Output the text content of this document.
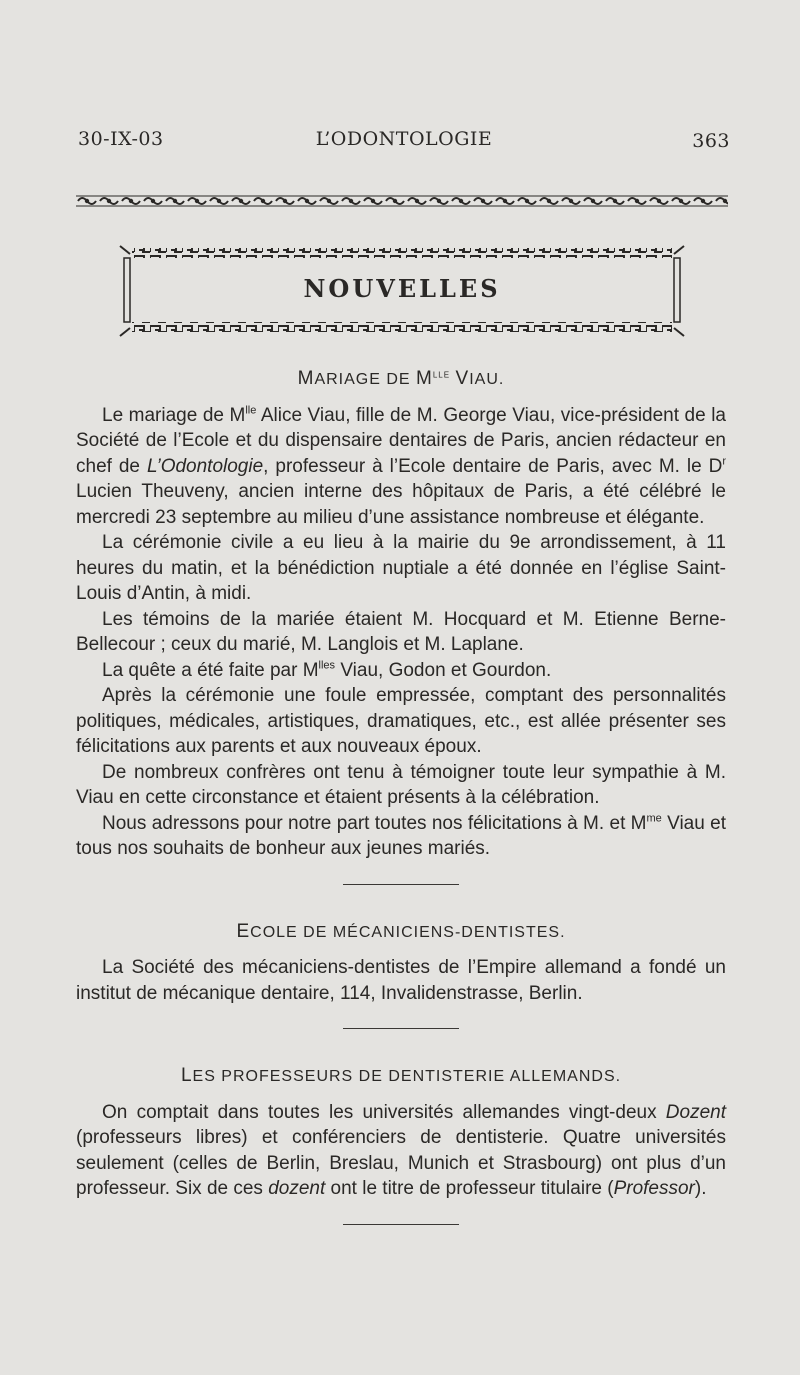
30-IX-03	L’ODONTOLOGIE	363
NOUVELLES
MARIAGE DE $M^{lle}$ VIAU.

Le mariage de $M^{lle}$ Alice Viau, fille de M. George Viau, vice-président de la Société de l’Ecole et du dispensaire dentaires de Paris, ancien rédacteur en chef de L’Odontologie, professeur à l’Ecole dentaire de Paris, avec M. le $D^r$ Lucien Theuveny, ancien interne des hôpitaux de Paris, a été célébré le mercredi 23 septembre au milieu d’une assistance nombreuse et élégante.

La cérémonie civile a eu lieu à la mairie du 9e arrondissement, à 11 heures du matin, et la bénédiction nuptiale a été donnée en l’église Saint-Louis d’Antin, à midi.

Les témoins de la mariée étaient M. Hocquard et M. Etienne Berne-Bellecour ; ceux du marié, M. Langlois et M. Laplane.

La quête a été faite par $M^{lles}$ Viau, Godon et Gourdon.

Après la cérémonie une foule empressée, comptant des personnalités politiques, médicales, artistiques, dramatiques, etc., est allée présenter ses félicitations aux parents et aux nouveaux époux.

De nombreux confrères ont tenu à témoigner toute leur sympathie à M. Viau en cette circonstance et étaient présents à la célébration.

Nous adressons pour notre part toutes nos félicitations à M. et $M^{me}$ Viau et tous nos souhaits de bonheur aux jeunes mariés.

ECOLE DE MÉCANICIENS-DENTISTES.

La Société des mécaniciens-dentistes de l’Empire allemand a fondé un institut de mécanique dentaire, 114, Invalidenstrasse, Berlin.

LES PROFESSEURS DE DENTISTERIE ALLEMANDS.

On comptait dans toutes les universités allemandes vingt-deux Dozent (professeurs libres) et conférenciers de dentisterie. Quatre universités seulement (celles de Berlin, Breslau, Munich et Strasbourg) ont plus d’un professeur. Six de ces dozent ont le titre de professeur titulaire (Professor).
